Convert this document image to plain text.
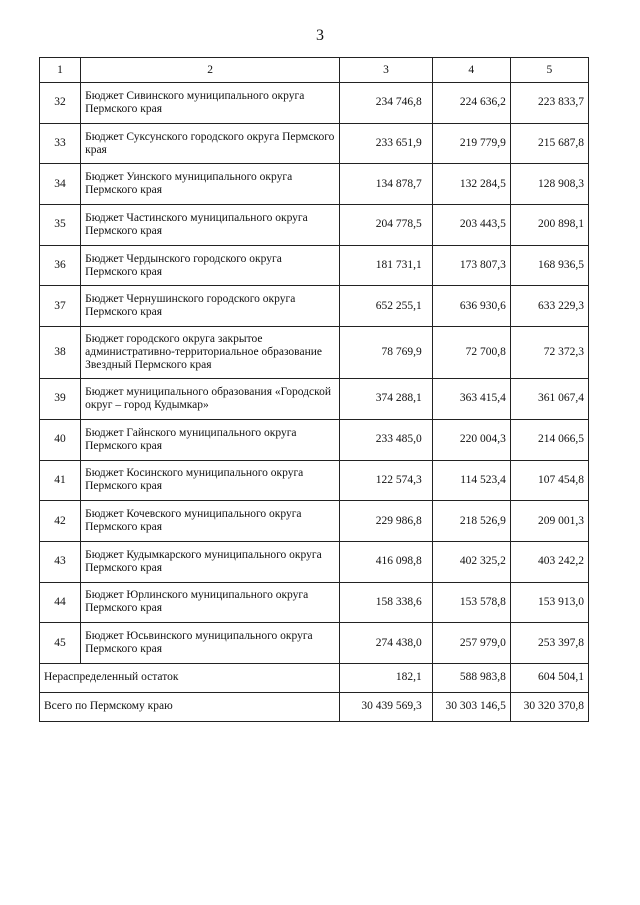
3
1	2	3	4	5
32	Бюджет Сивинского муниципального округа Пермского края	234 746,8	224 636,2	223 833,7
33	Бюджет Суксунского городского округа Пермского края	233 651,9	219 779,9	215 687,8
34	Бюджет Уинского муниципального округа Пермского края	134 878,7	132 284,5	128 908,3
35	Бюджет Частинского муниципального округа Пермского края	204 778,5	203 443,5	200 898,1
36	Бюджет Чердынского городского округа Пермского края	181 731,1	173 807,3	168 936,5
37	Бюджет Чернушинского городского округа Пермского края	652 255,1	636 930,6	633 229,3
38	Бюджет городского округа закрытое административно-территориальное образование Звездный Пермского края	78 769,9	72 700,8	72 372,3
39	Бюджет муниципального образования «Городской округ – город Кудымкар»	374 288,1	363 415,4	361 067,4
40	Бюджет Гайнского муниципального округа Пермского края	233 485,0	220 004,3	214 066,5
41	Бюджет Косинского муниципального округа Пермского края	122 574,3	114 523,4	107 454,8
42	Бюджет Кочевского муниципального округа Пермского края	229 986,8	218 526,9	209 001,3
43	Бюджет Кудымкарского муниципального округа Пермского края	416 098,8	402 325,2	403 242,2
44	Бюджет Юрлинского муниципального округа Пермского края	158 338,6	153 578,8	153 913,0
45	Бюджет Юсьвинского муниципального округа Пермского края	274 438,0	257 979,0	253 397,8
Нераспределенный остаток		182,1	588 983,8	604 504,1
Всего по Пермскому краю		30 439 569,3	30 303 146,5	30 320 370,8
